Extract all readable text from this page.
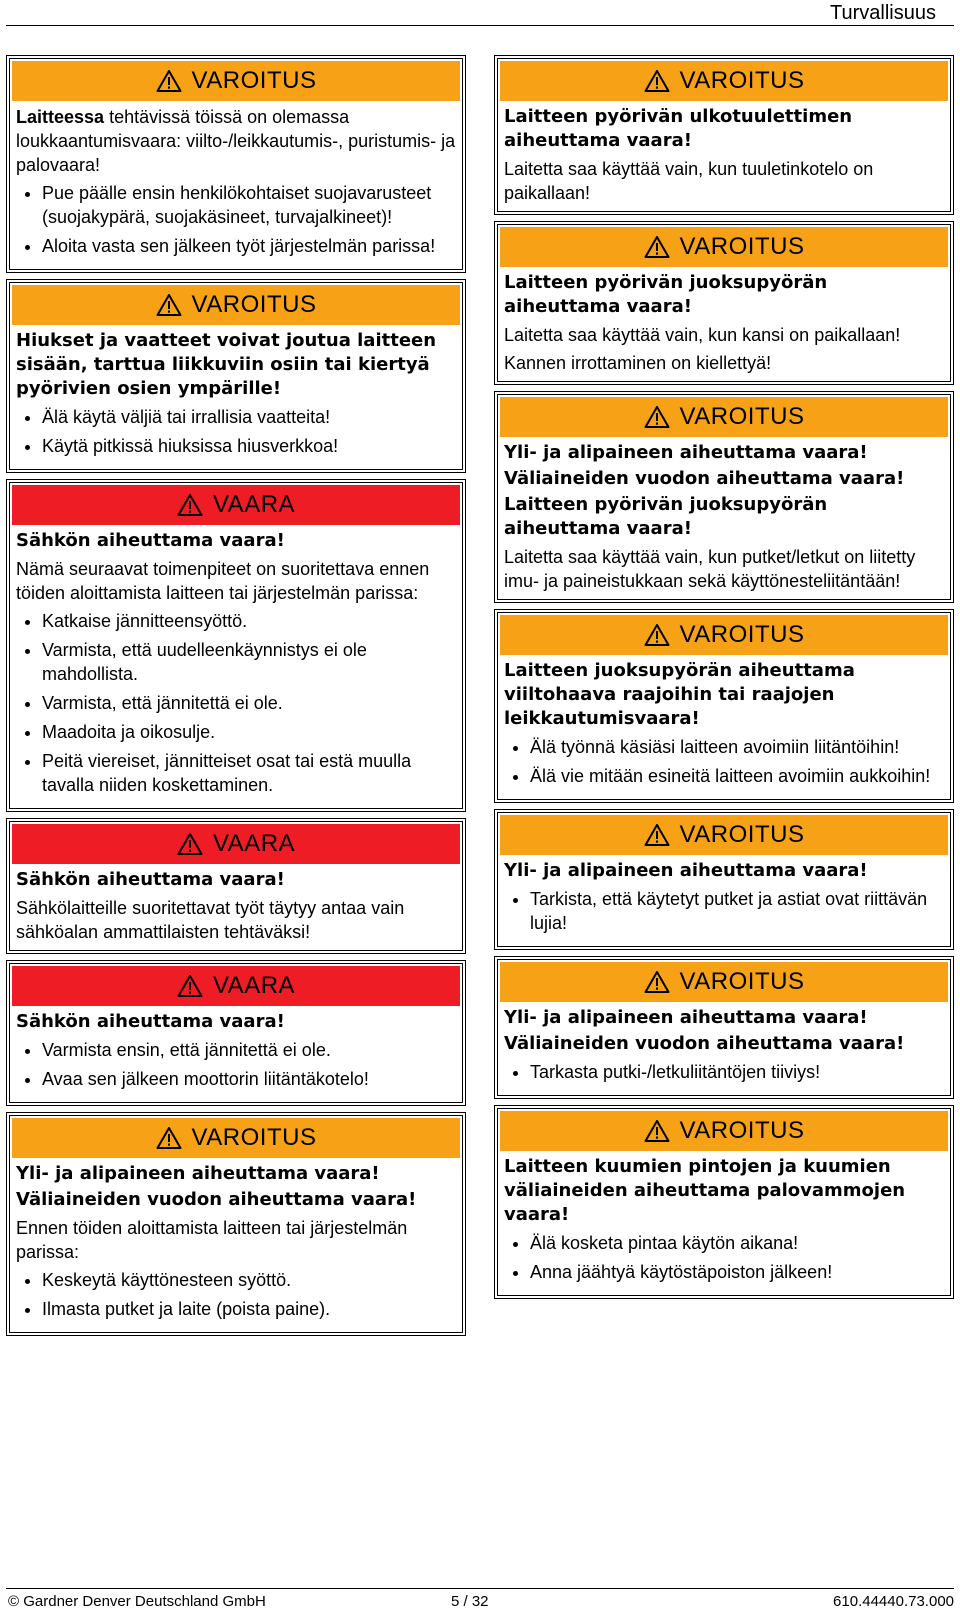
Turvallisuus
VAROITUS
Laitteessa tehtävissä töissä on olemassa loukkaantumisvaara: viilto-/leikkautumis-, puristumis- ja palovaara!
• Pue päälle ensin henkilökohtaiset suojavarusteet (suojakypärä, suojakäsineet, turvajalkineet)!
• Aloita vasta sen jälkeen työt järjestelmän parissa!
VAROITUS
Hiukset ja vaatteet voivat joutua laitteen sisään, tarttua liikkuviin osiin tai kiertyä pyörivien osien ympärille!
• Älä käytä väljiä tai irrallisia vaatteita!
• Käytä pitkissä hiuksissa hiusverkkoa!
VAARA
Sähkön aiheuttama vaara!
Nämä seuraavat toimenpiteet on suoritettava ennen töiden aloittamista laitteen tai järjestelmän parissa:
• Katkaise jännitteensyöttö.
• Varmista, että uudelleenkäynnistys ei ole mahdollista.
• Varmista, että jännitettä ei ole.
• Maadoita ja oikosulje.
• Peitä viereiset, jännitteiset osat tai estä muulla tavalla niiden koskettaminen.
VAARA
Sähkön aiheuttama vaara!
Sähkölaitteille suoritettavat työt täytyy antaa vain sähköalan ammattilaisten tehtäväksi!
VAARA
Sähkön aiheuttama vaara!
• Varmista ensin, että jännitettä ei ole.
• Avaa sen jälkeen moottorin liitäntäkotelo!
VAROITUS
Yli- ja alipaineen aiheuttama vaara!
Väliaineiden vuodon aiheuttama vaara!
Ennen töiden aloittamista laitteen tai järjestelmän parissa:
• Keskeytä käyttönesteen syöttö.
• Ilmasta putket ja laite (poista paine).
VAROITUS
Laitteen pyörivän ulkotuulettimen aiheuttama vaara!
Laitetta saa käyttää vain, kun tuuletinkotelo on paikallaan!
VAROITUS
Laitteen pyörivän juoksupyörän aiheuttama vaara!
Laitetta saa käyttää vain, kun kansi on paikallaan!
Kannen irrottaminen on kiellettyä!
VAROITUS
Yli- ja alipaineen aiheuttama vaara!
Väliaineiden vuodon aiheuttama vaara!
Laitteen pyörivän juoksupyörän aiheuttama vaara!
Laitetta saa käyttää vain, kun putket/letkut on liitetty imu- ja paineistukkaan sekä käyttönesteliitäntään!
VAROITUS
Laitteen juoksupyörän aiheuttama viiltohaava raajoihin tai raajojen leikkautumisvaara!
• Älä työnnä käsiäsi laitteen avoimiin liitäntöihin!
• Älä vie mitään esineitä laitteen avoimiin aukkoihin!
VAROITUS
Yli- ja alipaineen aiheuttama vaara!
• Tarkista, että käytetyt putket ja astiat ovat riittävän lujia!
VAROITUS
Yli- ja alipaineen aiheuttama vaara!
Väliaineiden vuodon aiheuttama vaara!
• Tarkasta putki-/letkuliitäntöjen tiiviys!
VAROITUS
Laitteen kuumien pintojen ja kuumien väliaineiden aiheuttama palovammojen vaara!
• Älä kosketa pintaa käytön aikana!
• Anna jäähtyä käytöstäpoiston jälkeen!
© Gardner Denver Deutschland GmbH	5 / 32	610.44440.73.000
